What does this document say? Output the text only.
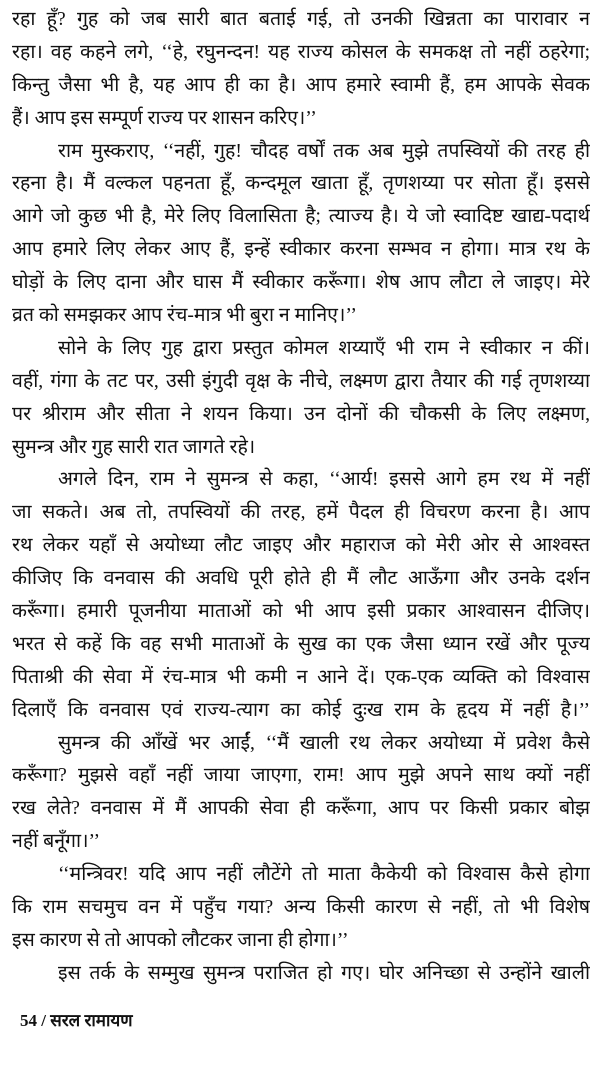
रहा हूँ? गुह को जब सारी बात बताई गई, तो उनकी खिन्नता का पारावार न
रहा। वह कहने लगे, ‘‘हे, रघुनन्दन! यह राज्य कोसल के समकक्ष तो नहीं ठहरेगा;
किन्तु जैसा भी है, यह आप ही का है। आप हमारे स्वामी हैं, हम आपके सेवक
हैं। आप इस सम्पूर्ण राज्य पर शासन करिए।’’
राम मुस्कराए, ‘‘नहीं, गुह! चौदह वर्षों तक अब मुझे तपस्वियों की तरह ही
रहना है। मैं वल्कल पहनता हूँ, कन्दमूल खाता हूँ, तृणशय्या पर सोता हूँ। इससे
आगे जो कुछ भी है, मेरे लिए विलासिता है; त्याज्य है। ये जो स्वादिष्ट खाद्य-पदार्थ
आप हमारे लिए लेकर आए हैं, इन्हें स्वीकार करना सम्भव न होगा। मात्र रथ के
घोड़ों के लिए दाना और घास मैं स्वीकार करूँगा। शेष आप लौटा ले जाइए। मेरे
व्रत को समझकर आप रंच-मात्र भी बुरा न मानिए।’’
सोने के लिए गुह द्वारा प्रस्तुत कोमल शय्याएँ भी राम ने स्वीकार न कीं।
वहीं, गंगा के तट पर, उसी इंगुदी वृक्ष के नीचे, लक्ष्मण द्वारा तैयार की गई तृणशय्या
पर श्रीराम और सीता ने शयन किया। उन दोनों की चौकसी के लिए लक्ष्मण,
सुमन्त्र और गुह सारी रात जागते रहे।
अगले दिन, राम ने सुमन्त्र से कहा, ‘‘आर्य! इससे आगे हम रथ में नहीं
जा सकते। अब तो, तपस्वियों की तरह, हमें पैदल ही विचरण करना है। आप
रथ लेकर यहाँ से अयोध्या लौट जाइए और महाराज को मेरी ओर से आश्वस्त
कीजिए कि वनवास की अवधि पूरी होते ही मैं लौट आऊँगा और उनके दर्शन
करूँगा। हमारी पूजनीया माताओं को भी आप इसी प्रकार आश्वासन दीजिए।
भरत से कहें कि वह सभी माताओं के सुख का एक जैसा ध्यान रखें और पूज्य
पिताश्री की सेवा में रंच-मात्र भी कमी न आने दें। एक-एक व्यक्ति को विश्वास
दिलाएँ कि वनवास एवं राज्य-त्याग का कोई दुःख राम के हृदय में नहीं है।’’
सुमन्त्र की आँखें भर आईं, ‘‘मैं खाली रथ लेकर अयोध्या में प्रवेश कैसे
करूँगा? मुझसे वहाँ नहीं जाया जाएगा, राम! आप मुझे अपने साथ क्यों नहीं
रख लेते? वनवास में मैं आपकी सेवा ही करूँगा, आप पर किसी प्रकार बोझ
नहीं बनूँगा।’’
‘‘मन्त्रिवर! यदि आप नहीं लौटेंगे तो माता कैकेयी को विश्वास कैसे होगा
कि राम सचमुच वन में पहुँच गया? अन्य किसी कारण से नहीं, तो भी विशेष
इस कारण से तो आपको लौटकर जाना ही होगा।’’
इस तर्क के सम्मुख सुमन्त्र पराजित हो गए। घोर अनिच्छा से उन्होंने खाली
54 / सरल रामायण
